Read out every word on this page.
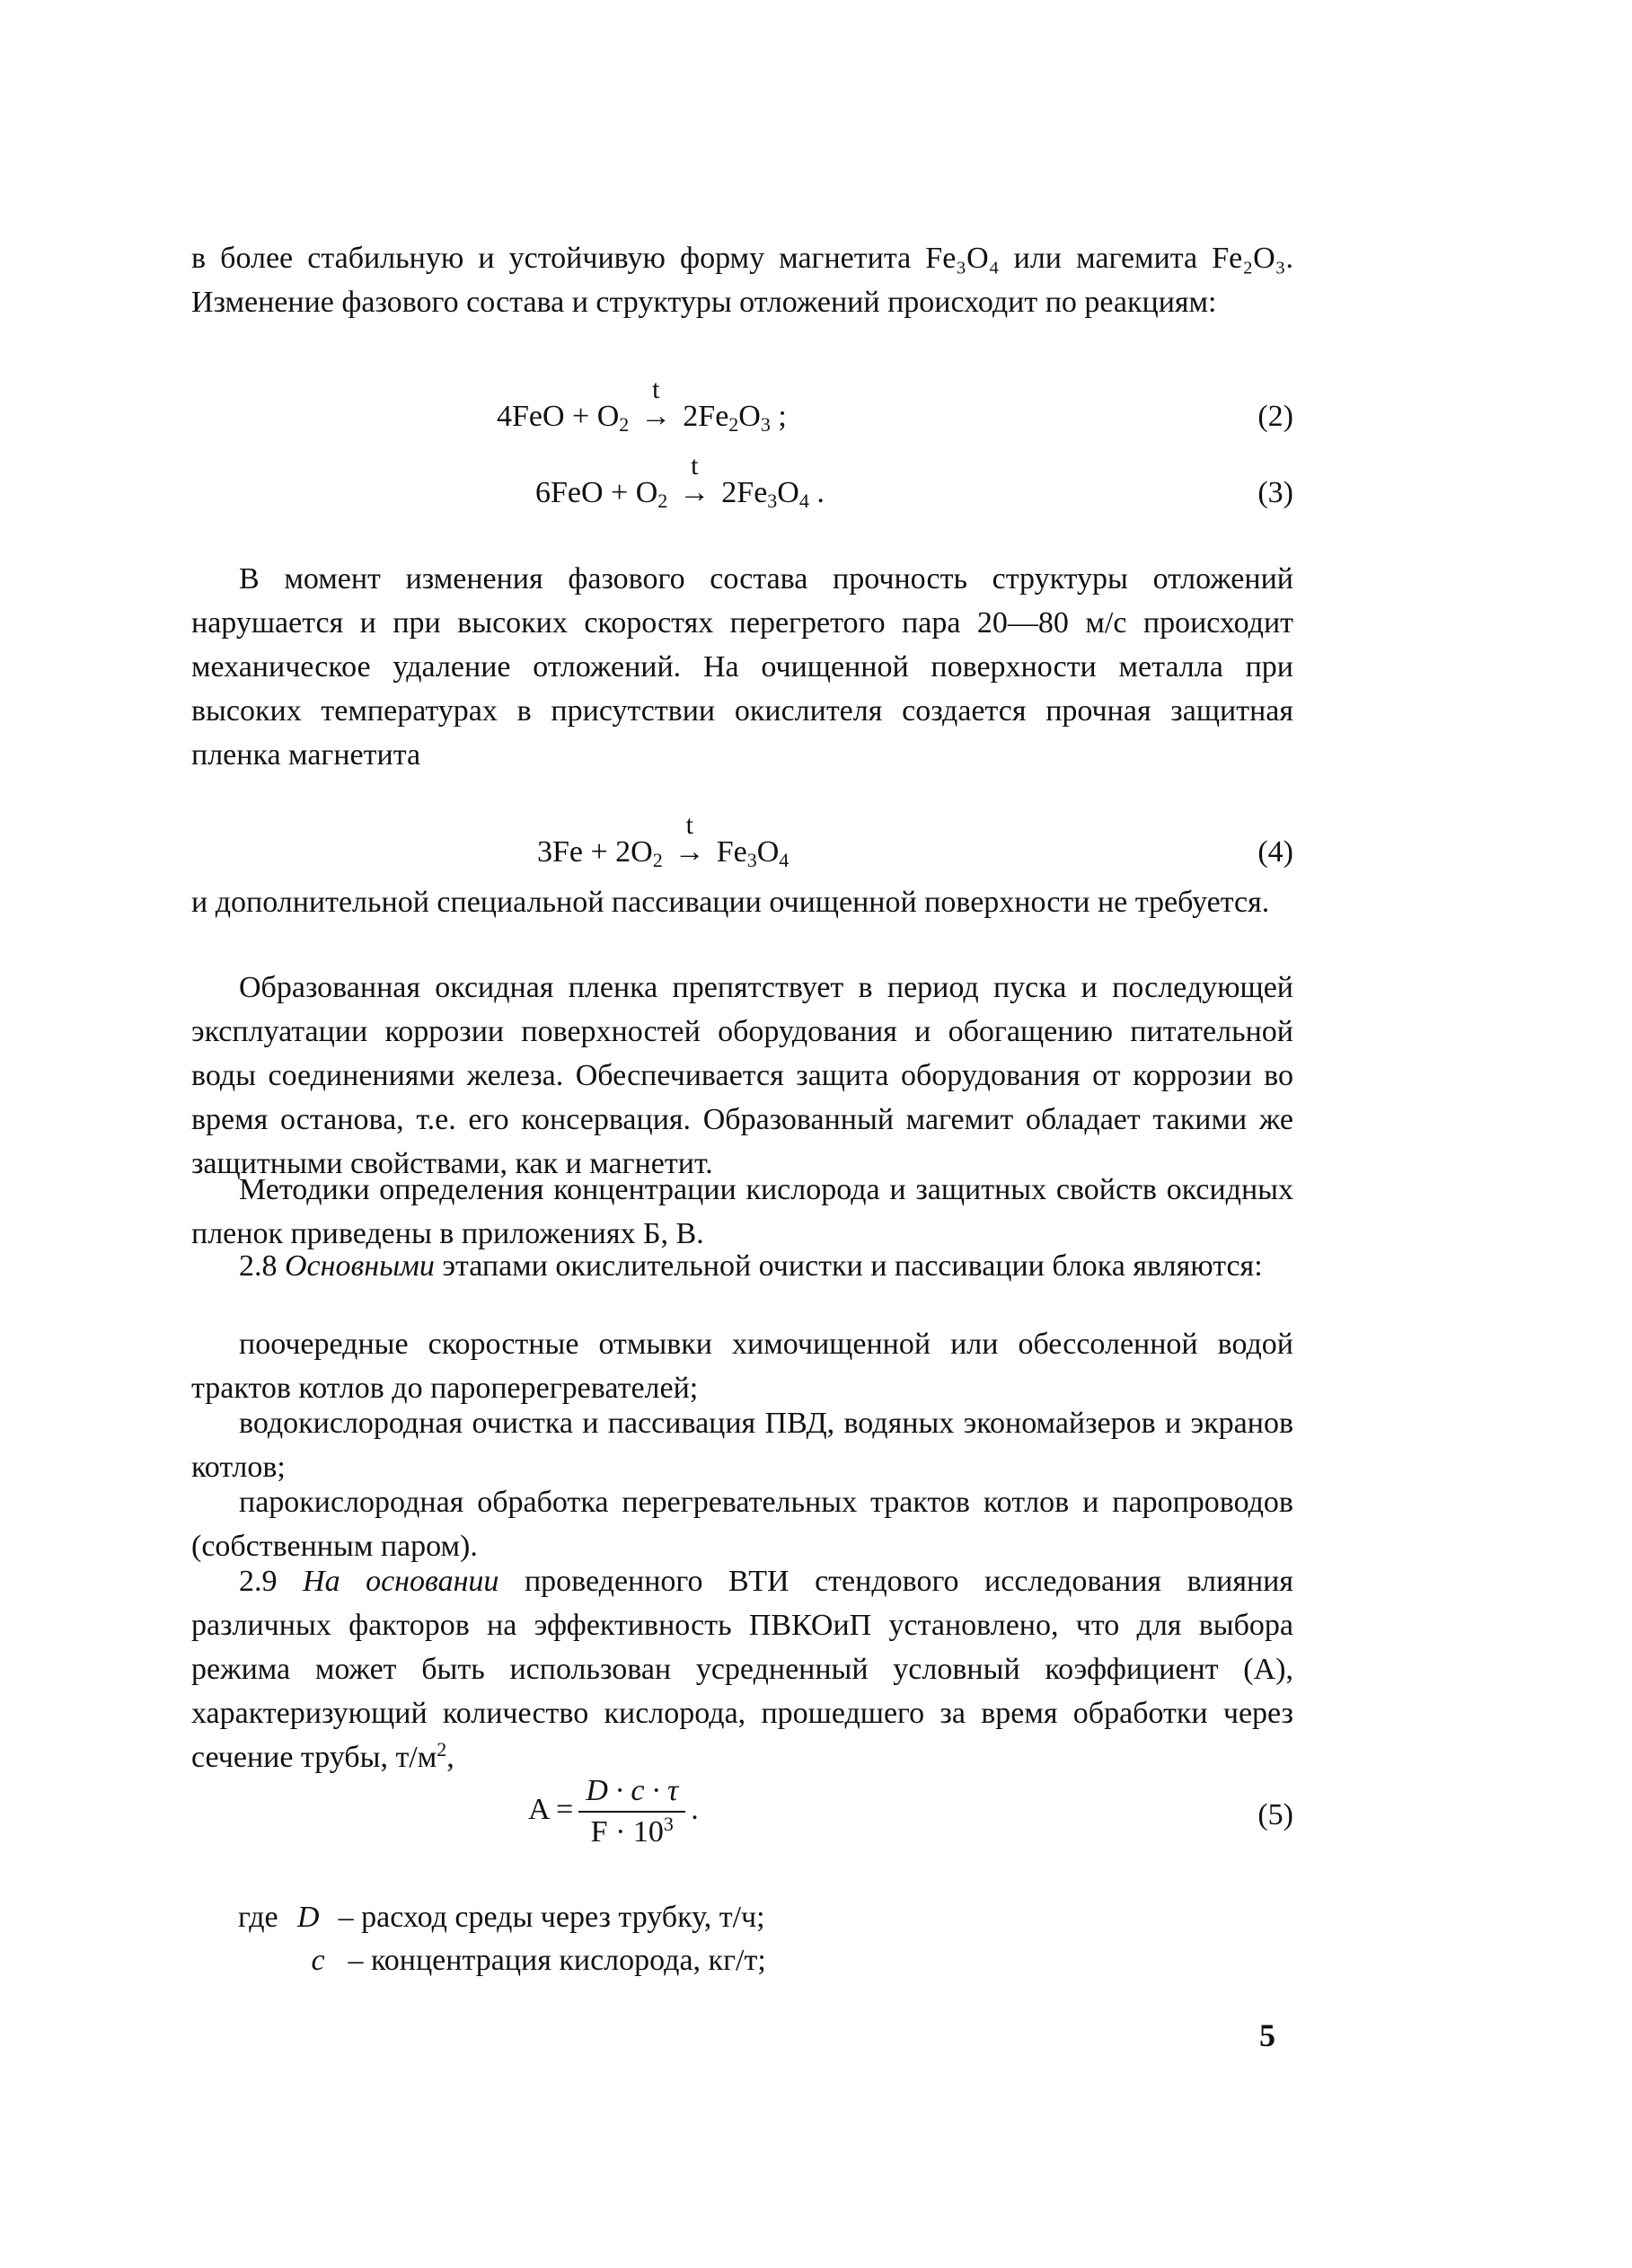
в более стабильную и устойчивую форму магнетита Fe₃O₄ или магемита Fe₂O₃. Изменение фазового состава и структуры отложений происходит по реакциям:

$4FeO + O_2$
t
→ $2Fe_2O_3$ ;	(2)
$6FeO + O_2$
t
→ $2Fe_3O_4$ .	(3)

В момент изменения фазового состава прочность структуры отложений нарушается и при высоких скоростях перегретого пара 20—80 м/с происходит механическое удаление отложений. На очищенной поверхности металла при высоких температурах в присутствии окислителя создается прочная защитная пленка магнетита

$3Fe + 2O_2$
t
→ $Fe_3O_4$	(4)

и дополнительной специальной пассивации очищенной поверхности не требуется.

Образованная оксидная пленка препятствует в период пуска и последующей эксплуатации коррозии поверхностей оборудования и обогащению питательной воды соединениями железа. Обеспечивается защита оборудования от коррозии во время останова, т.е. его консервация. Образованный магемит обладает такими же защитными свойствами, как и магнетит.

Методики определения концентрации кислорода и защитных свойств оксидных пленок приведены в приложениях Б, В.

2.8 Основными этапами окислительной очистки и пассивации блока являются:

поочередные скоростные отмывки химочищенной или обессоленной водой трактов котлов до пароперегревателей;

водокислородная очистка и пассивация ПВД, водяных экономайзеров и экранов котлов;

парокислородная обработка перегревательных трактов котлов и паропроводов (собственным паром).

2.9 На основании проведенного ВТИ стендового исследования влияния различных факторов на эффективность ПВКОиП установлено, что для выбора режима может быть использован усредненный условный коэффициент (А), характеризующий количество кислорода, прошедшего за время обработки через сечение трубы, $т/м^2$,

$A = \frac{D \cdot c \cdot \tau}{F \cdot 10^3}$ .	(5)
где D – расход среды через трубку, т/ч;
c – концентрация кислорода, кг/т;
5
